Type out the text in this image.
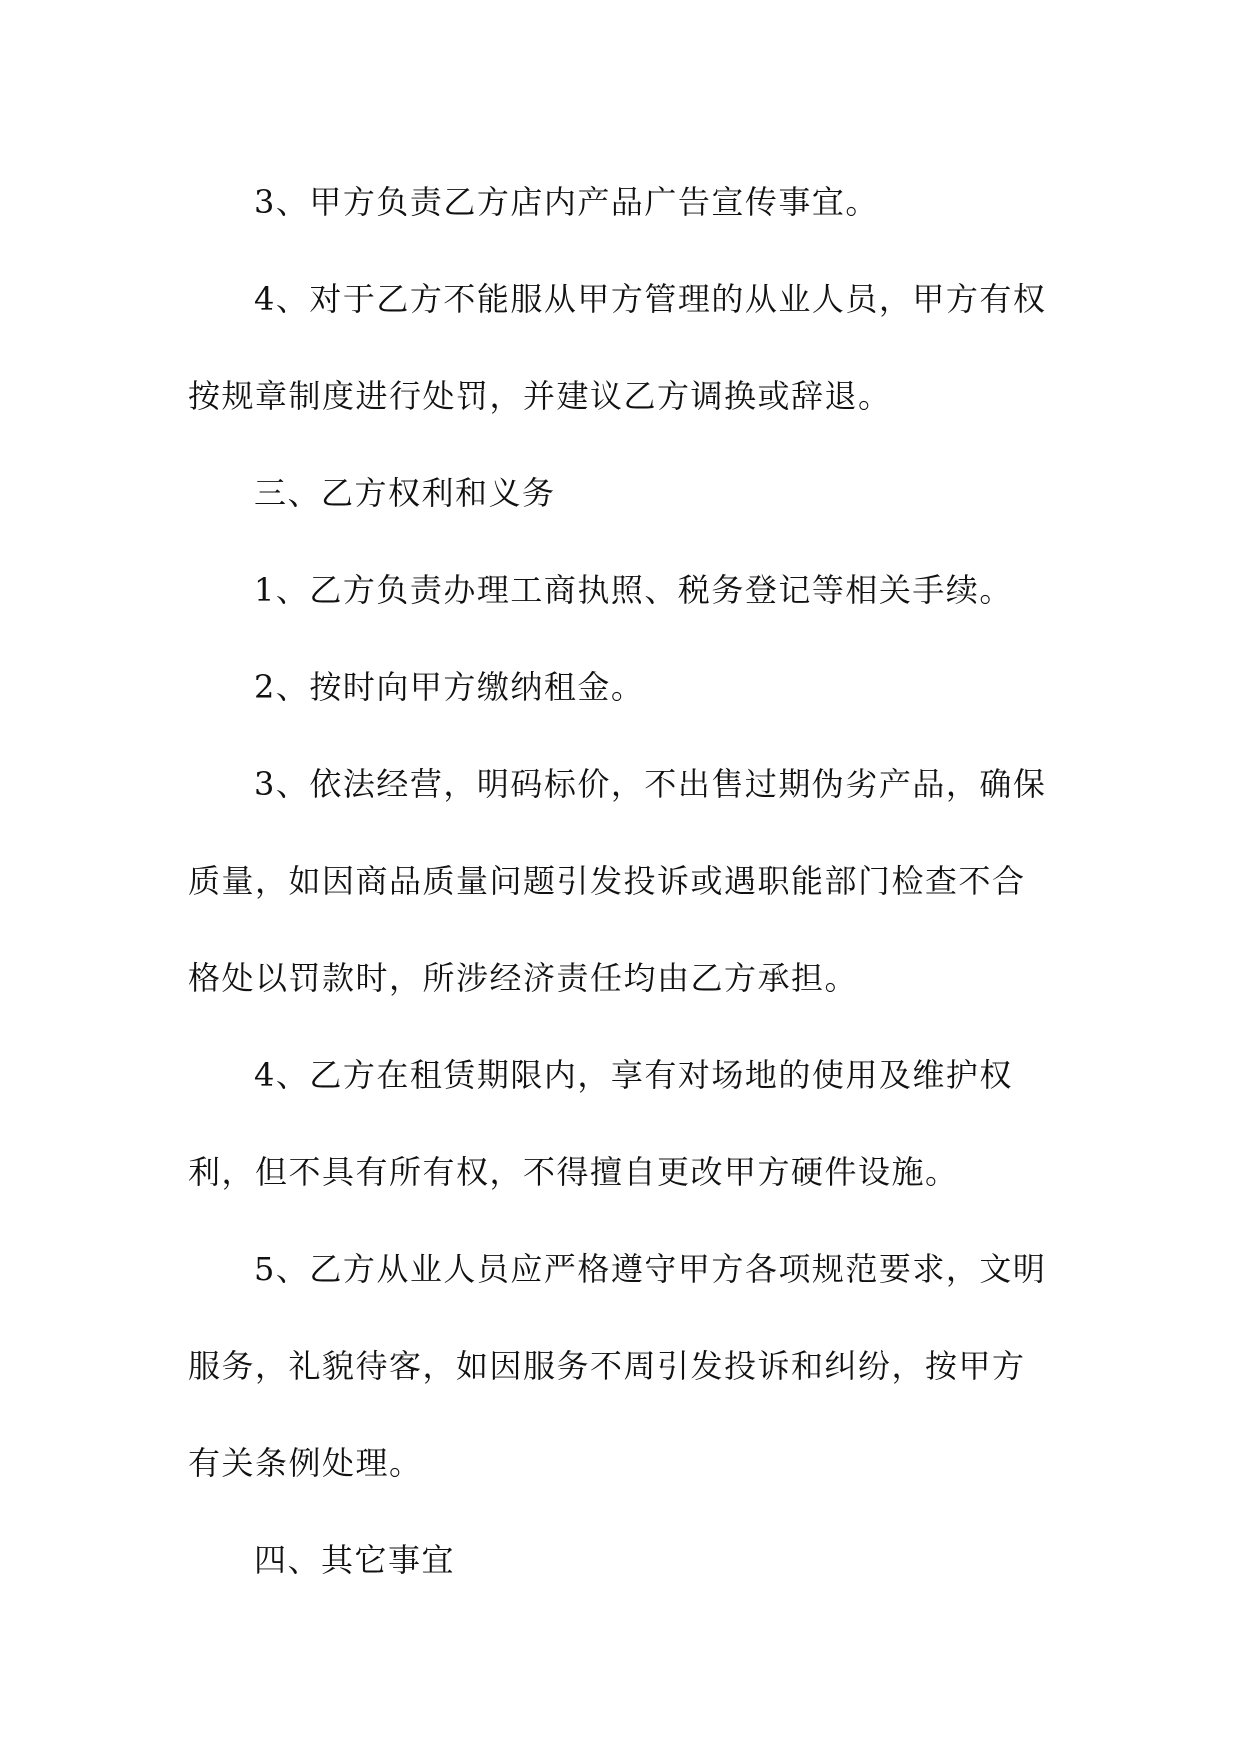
3、甲方负责乙方店内产品广告宣传事宜。
4、对于乙方不能服从甲方管理的从业人员，甲方有权
按规章制度进行处罚，并建议乙方调换或辞退。
三、乙方权利和义务
1、乙方负责办理工商执照、税务登记等相关手续。
2、按时向甲方缴纳租金。
3、依法经营，明码标价，不出售过期伪劣产品，确保
质量，如因商品质量问题引发投诉或遇职能部门检查不合
格处以罚款时，所涉经济责任均由乙方承担。
4、乙方在租赁期限内，享有对场地的使用及维护权
利，但不具有所有权，不得擅自更改甲方硬件设施。
5、乙方从业人员应严格遵守甲方各项规范要求，文明
服务，礼貌待客，如因服务不周引发投诉和纠纷，按甲方
有关条例处理。
四、其它事宜
